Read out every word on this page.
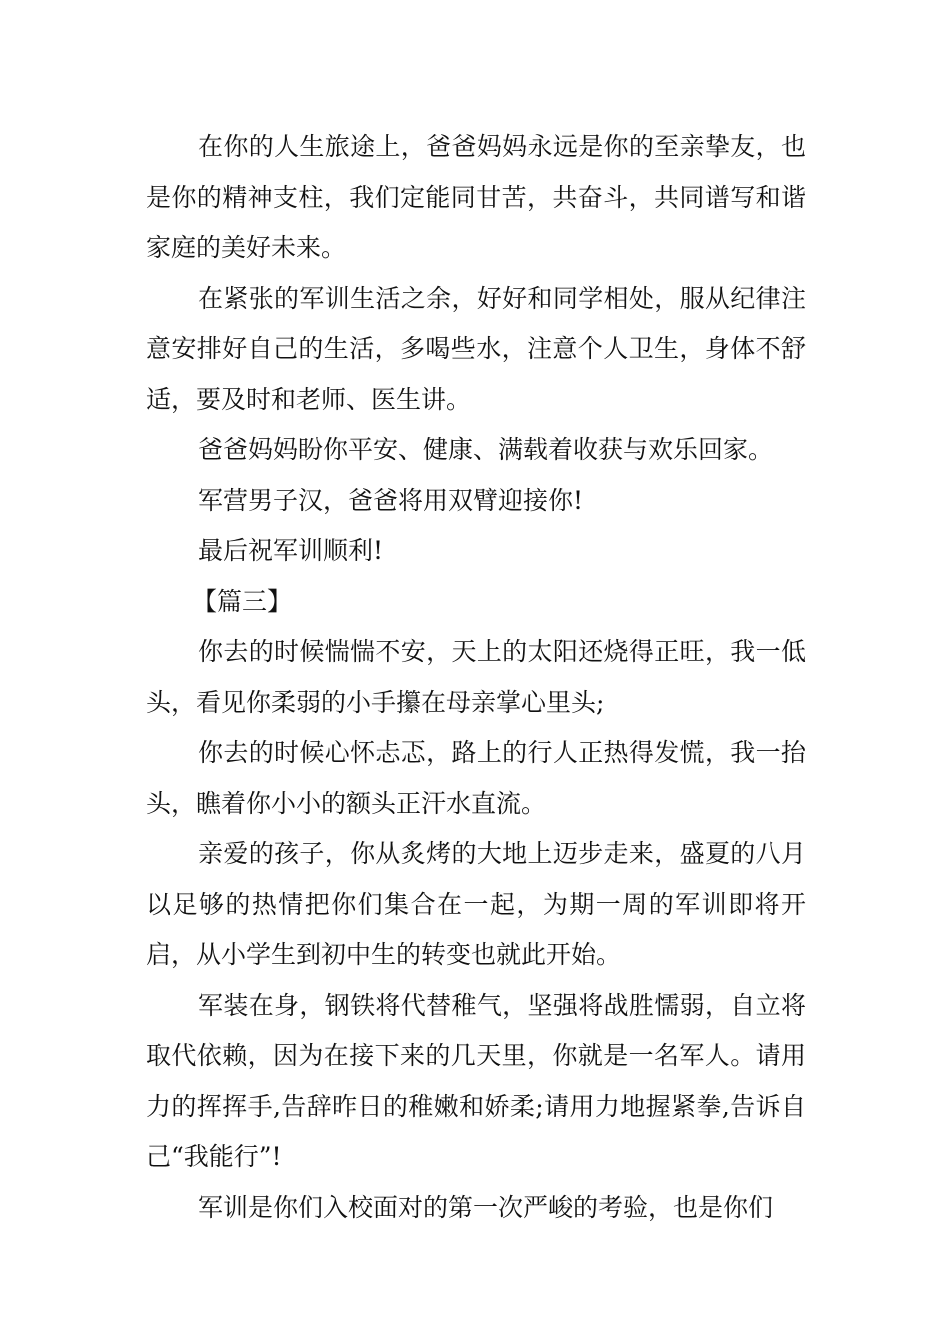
在你的人生旅途上，爸爸妈妈永远是你的至亲挚友，也是你的精神支柱，我们定能同甘苦，共奋斗，共同谱写和谐家庭的美好未来。

在紧张的军训生活之余，好好和同学相处，服从纪律注意安排好自己的生活，多喝些水，注意个人卫生，身体不舒适，要及时和老师、医生讲。

爸爸妈妈盼你平安、健康、满载着收获与欢乐回家。

军营男子汉，爸爸将用双臂迎接你!

最后祝军训顺利!

【篇三】

你去的时候惴惴不安，天上的太阳还烧得正旺，我一低头，看见你柔弱的小手攥在母亲掌心里头;

你去的时候心怀忐忑，路上的行人正热得发慌，我一抬头，瞧着你小小的额头正汗水直流。

亲爱的孩子，你从炙烤的大地上迈步走来，盛夏的八月以足够的热情把你们集合在一起，为期一周的军训即将开启，从小学生到初中生的转变也就此开始。

军装在身，钢铁将代替稚气，坚强将战胜懦弱，自立将取代依赖，因为在接下来的几天里，你就是一名军人。请用力的挥挥手,告辞昨日的稚嫩和娇柔;请用力地握紧拳,告诉自己“我能行”!

军训是你们入校面对的第一次严峻的考验，也是你们
